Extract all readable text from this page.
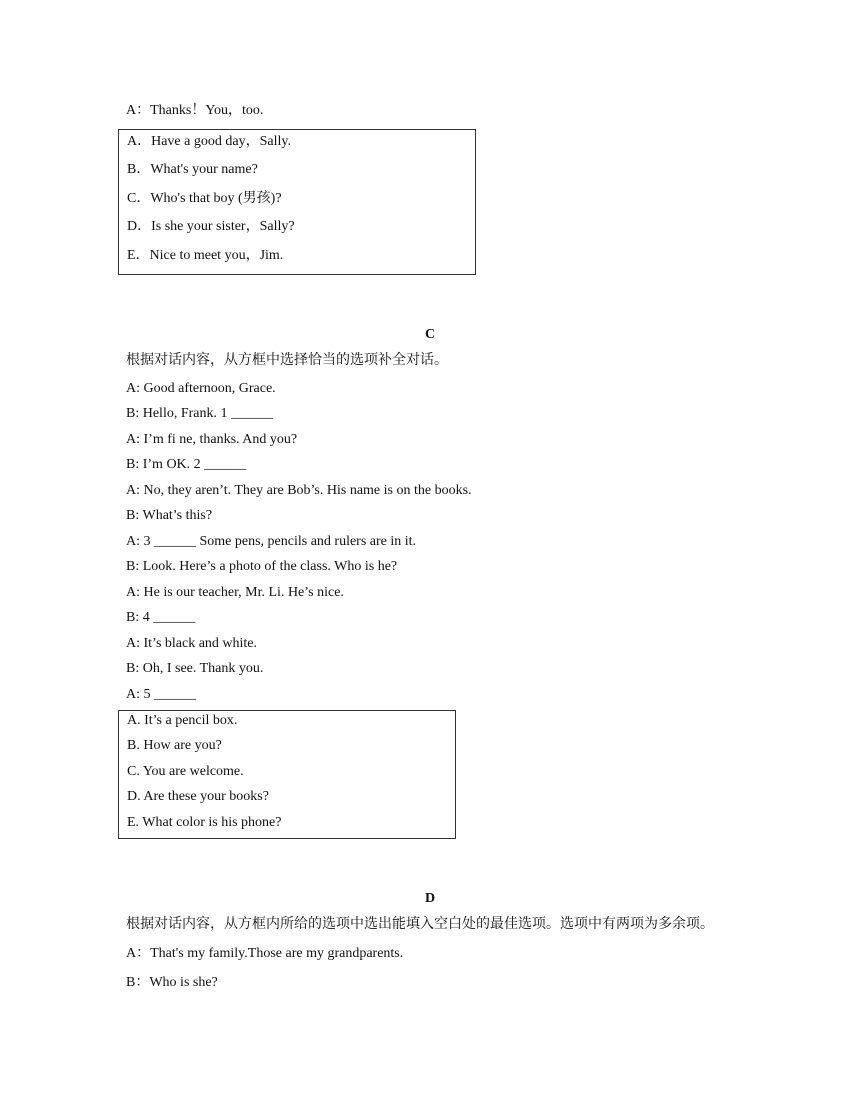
A：Thanks！You，too.
A．Have a good day，Sally.
B．What's your name?
C．Who's that boy (男孩)?
D．Is she your sister，Sally?
E．Nice to meet you，Jim.
C
根据对话内容，从方框中选择恰当的选项补全对话。
A: Good afternoon, Grace.
B: Hello, Frank. 1 ______
A: I’m fi ne, thanks. And you?
B: I’m OK. 2 ______
A: No, they aren’t. They are Bob’s. His name is on the books.
B: What’s this?
A: 3 ______ Some pens, pencils and rulers are in it.
B: Look. Here’s a photo of the class. Who is he?
A: He is our teacher, Mr. Li. He’s nice.
B: 4 ______
A: It’s black and white.
B: Oh, I see. Thank you.
A: 5 ______
A. It’s a pencil box.
B. How are you?
C. You are welcome.
D. Are these your books?
E. What color is his phone?
D
根据对话内容，从方框内所给的选项中选出能填入空白处的最佳选项。选项中有两项为多余项。
A：That's my family.Those are my grandparents.
B：Who is she?
